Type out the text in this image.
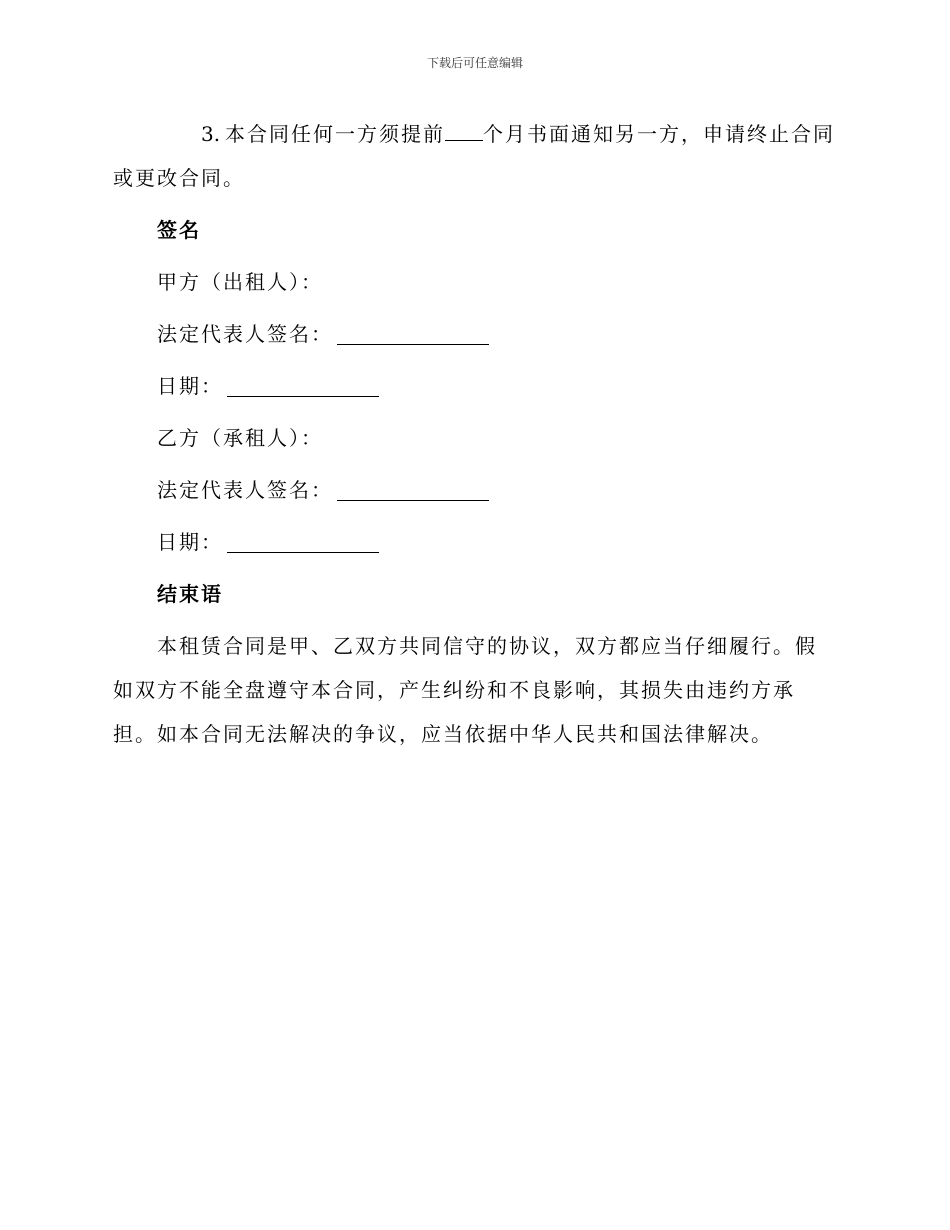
下载后可任意编辑

3. 本合同任何一方须提前 个月书面通知另一方，申请终止合同或更改合同。

签名
甲方（出租人）：
法定代表人签名：
日期：
乙方（承租人）：
法定代表人签名：
日期：
结束语

本租赁合同是甲、乙双方共同信守的协议，双方都应当仔细履行。假如双方不能全盘遵守本合同，产生纠纷和不良影响，其损失由违约方承担。如本合同无法解决的争议，应当依据中华人民共和国法律解决。
